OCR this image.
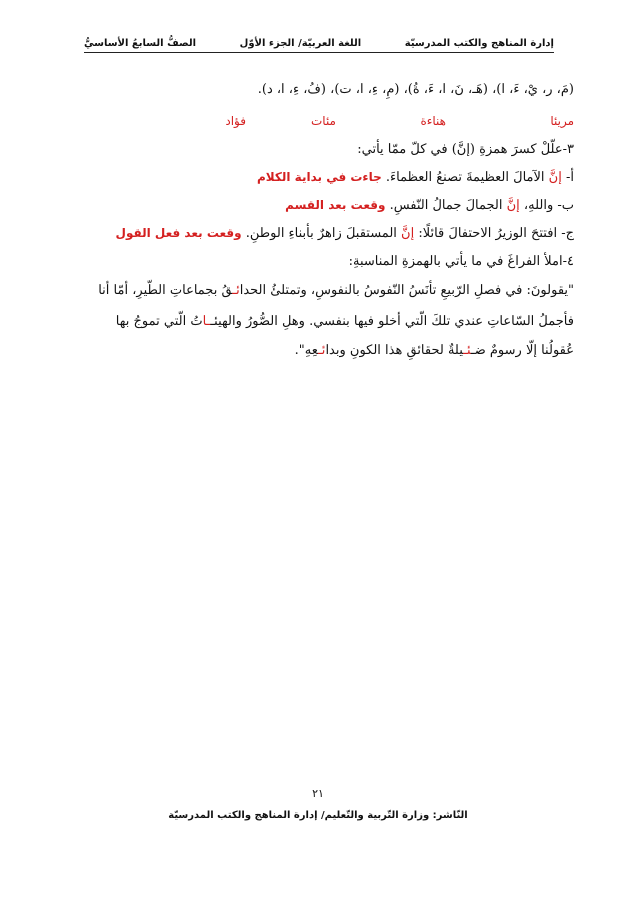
إدارة المناهج والكتب المدرسيّة
اللغة العربيّة/ الجزء الأوّل
الصفُّ السابعُ الأساسيُّ
(مَ، ر، يْ، ءَ، ا)، (هَـ، نَ، ا، ءَ، ةُ)، (مِ، ءِ، ا، ت)، (فُ، ءِ، ا، د).
مريئا
هناءة
مئات
فؤاد
٣-علّلْ كسرَ همزةِ (إنَّ) في كلّ ممّا يأتي:
أ- إنَّ الآمالَ العظيمةَ تصنعُ العظماءَ. جاءت في بداية الكلام
ب- واللهِ، إنَّ الجمالَ جمالُ النّفسِ. وقعت بعد القسم
ج- افتتحَ الوزيرُ الاحتفالَ قائلًا: إنَّ المستقبلَ زاهرٌ بأبناءِ الوطنِ. وقعت بعد فعل القول
٤-املأ الفراغَ في ما يأتي بالهمزةِ المناسبةِ:
"يقولونَ: في فصلِ الرّبيعِ تأنَسُ النّفوسُ بالنفوسِ، وتمتلئُ الحدائـقُ بجماعاتِ الطّيرِ، أمّا أنا
فأجملُ السّاعاتِ عندي تلكَ الّتي أخلو فيها بنفسي. وهلِ الصُّورُ والهيئــاتُ الّتي تموجُ بها
عُقولُنا إلّا رسومٌ ضـئـيلةٌ لحقائقِ هذا الكونِ وبدائـعِهِ".
٢١
النّاشر: وزارة التّربية والتّعليم/ إدارة المناهج والكتب المدرسيّة
